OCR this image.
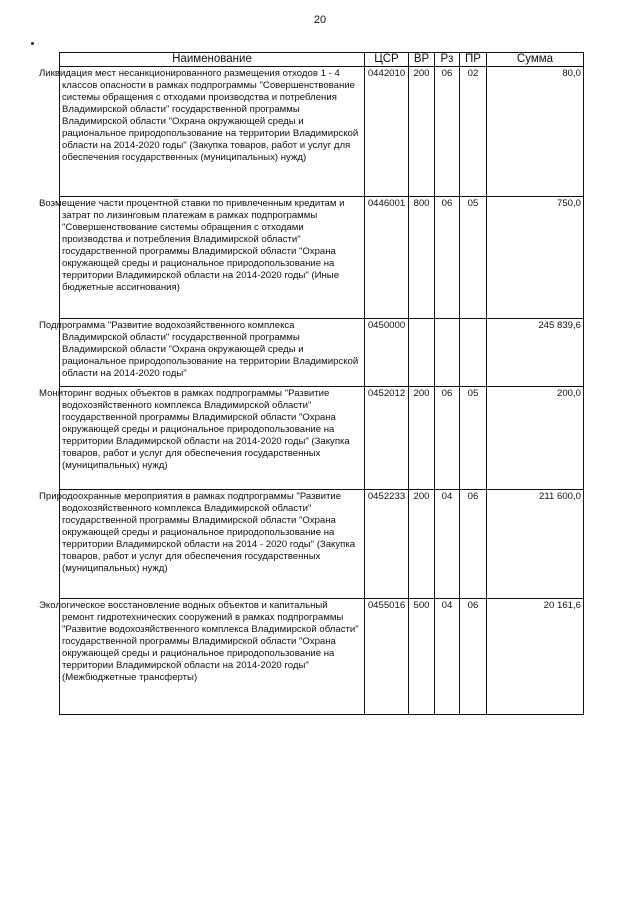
20
Наименование	ЦСР	ВР	Рз	ПР	Сумма
Ликвидация мест несанкционированного размещения отходов 1 - 4 классов опасности в рамках подпрограммы "Совершенствование системы обращения с отходами производства и потребления Владимирской области" государственной программы Владимирской области "Охрана окружающей среды и рациональное природопользование на территории Владимирской области на 2014-2020 годы" (Закупка товаров, работ и услуг для обеспечения государственных (муниципальных) нужд)	0442010	200	06	02	80,0
Возмещение части процентной ставки по привлеченным кредитам и затрат по лизинговым платежам в рамках подпрограммы "Совершенствование системы обращения с отходами производства и потребления Владимирской области" государственной программы Владимирской области "Охрана окружающей среды и рациональное природопользование на территории Владимирской области на 2014-2020 годы" (Иные бюджетные ассигнования)	0446001	800	06	05	750,0
Подпрограмма "Развитие водохозяйственного комплекса Владимирской области" государственной программы Владимирской области "Охрана окружающей среды и рациональное природопользование на территории Владимирской области на 2014-2020 годы"	0450000				245 839,6
Мониторинг водных объектов в рамках подпрограммы "Развитие водохозяйственного комплекса Владимирской области" государственной программы Владимирской области "Охрана окружающей среды и рациональное природопользование на территории Владимирской области на 2014-2020 годы" (Закупка товаров, работ и услуг для обеспечения государственных (муниципальных) нужд)	0452012	200	06	05	200,0
Природоохранные мероприятия в рамках подпрограммы "Развитие водохозяйственного комплекса Владимирской области" государственной программы Владимирской области "Охрана окружающей среды и рациональное природопользование на территории Владимирской области на 2014 - 2020 годы" (Закупка товаров, работ и услуг для обеспечения государственных (муниципальных) нужд)	0452233	200	04	06	211 600,0
Экологическое восстановление водных объектов и капитальный ремонт гидротехнических сооружений в рамках подпрограммы "Развитие водохозяйственного комплекса Владимирской области" государственной программы Владимирской области "Охрана окружающей среды и рациональное природопользование на территории Владимирской области на 2014-2020 годы" (Межбюджетные трансферты)	0455016	500	04	06	20 161,6
